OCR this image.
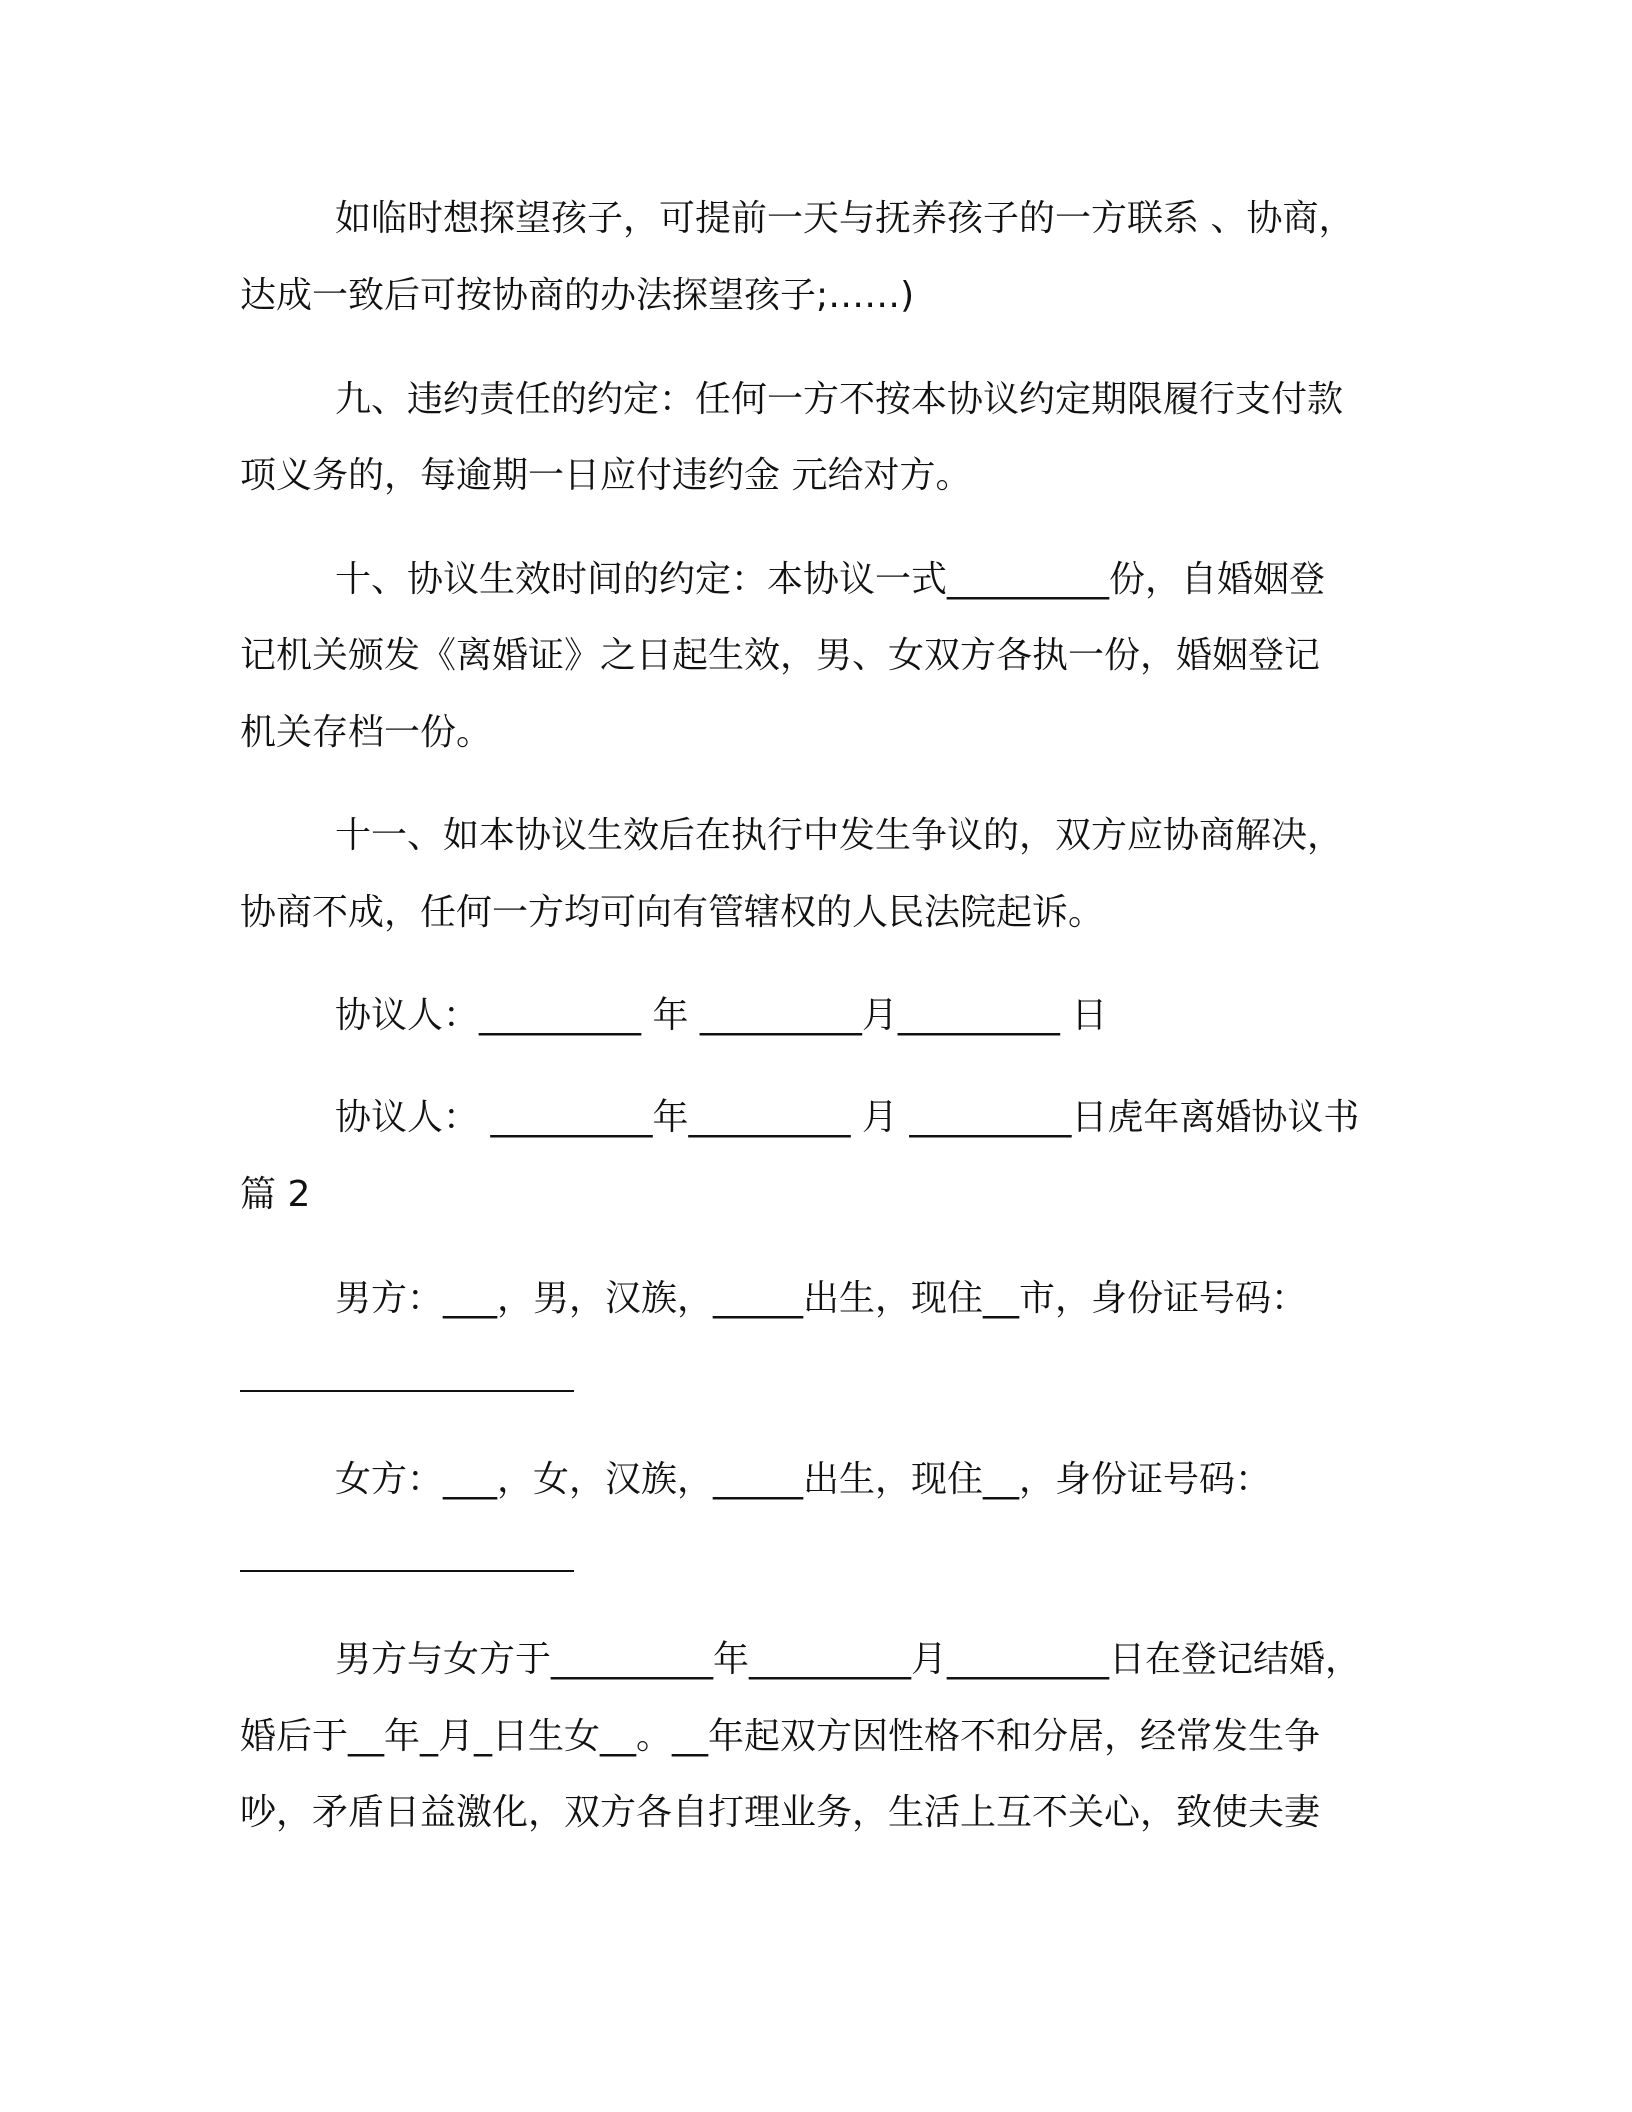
如临时想探望孩子，可提前一天与抚养孩子的一方联系 、协商，
达成一致后可按协商的办法探望孩子;……)
九、违约责任的约定：任何一方不按本协议约定期限履行支付款
项义务的，每逾期一日应付违约金 元给对方。
十、协议生效时间的约定：本协议一式_________份，自婚姻登
记机关颁发《离婚证》之日起生效，男、女双方各执一份，婚姻登记
机关存档一份。
十一、如本协议生效后在执行中发生争议的，双方应协商解决，
协商不成，任何一方均可向有管辖权的人民法院起诉。
协议人：_________ 年 _________月_________ 日
协议人： _________年_________ 月 _________日虎年离婚协议书
篇 2
男方：___，男，汉族，_____出生，现住__市，身份证号码：
女方：___，女，汉族，_____出生，现住__，身份证号码：
男方与女方于_________年_________月_________日在登记结婚，
婚后于__年_月_日生女__。__年起双方因性格不和分居，经常发生争
吵，矛盾日益激化，双方各自打理业务，生活上互不关心，致使夫妻
